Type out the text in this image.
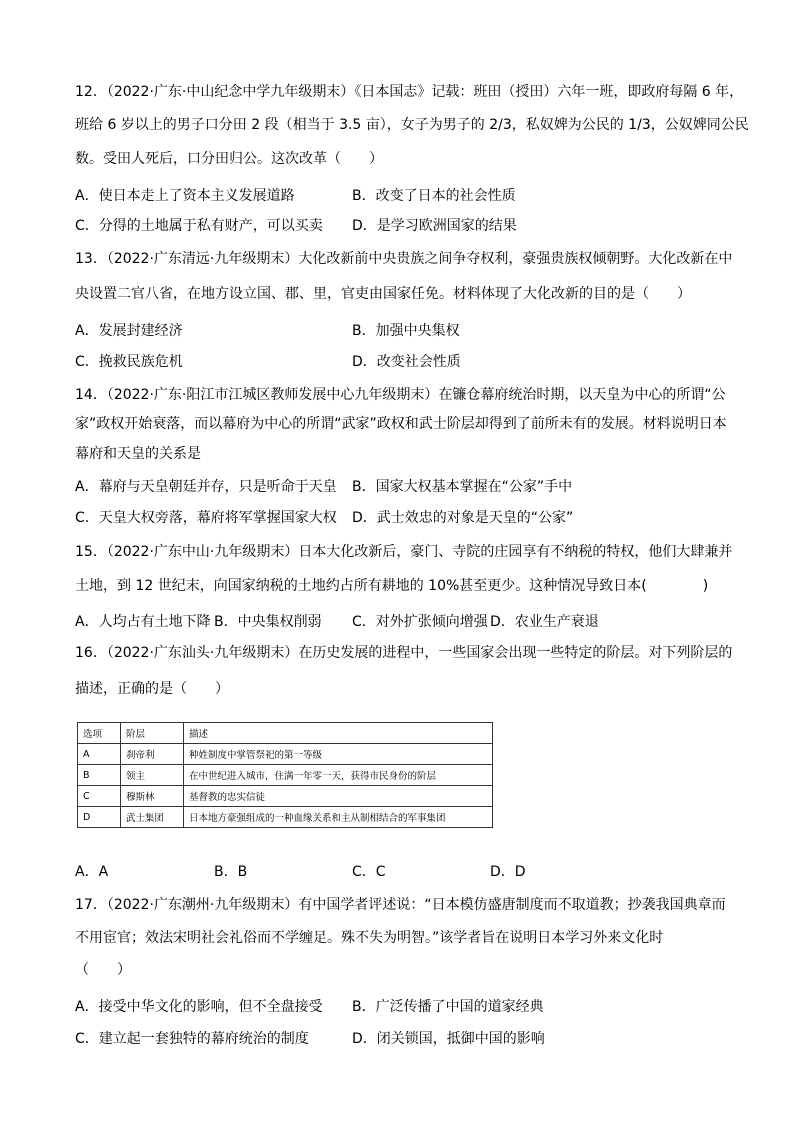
12．（2022·广东·中山纪念中学九年级期末）《日本国志》记载：班田（授田）六年一班，即政府每隔 6 年，
班给 6 岁以上的男子口分田 2 段（相当于 3.5 亩），女子为男子的 2/3，私奴婢为公民的 1/3，公奴婢同公民
数。受田人死后，口分田归公。这次改革（　　）
A．使日本走上了资本主义发展道路	B．改变了日本的社会性质
C．分得的土地属于私有财产，可以买卖 D．是学习欧洲国家的结果
13．（2022·广东清远·九年级期末）大化改新前中央贵族之间争夺权利，豪强贵族权倾朝野。大化改新在中
央设置二官八省，在地方设立国、郡、里，官吏由国家任免。材料体现了大化改新的目的是（　　）
A．发展封建经济	B．加强中央集权
C．挽救民族危机	D．改变社会性质
14．（2022·广东·阳江市江城区教师发展中心九年级期末）在镰仓幕府统治时期，以天皇为中心的所谓“公
家”政权开始衰落，而以幕府为中心的所谓“武家”政权和武士阶层却得到了前所未有的发展。材料说明日本
幕府和天皇的关系是
A．幕府与天皇朝廷并存，只是听命于天皇 B．国家大权基本掌握在“公家”手中
C．天皇大权旁落，幕府将军掌握国家大权 D．武士效忠的对象是天皇的“公家”
15．（2022·广东中山·九年级期末）日本大化改新后，豪门、寺院的庄园享有不纳税的特权，他们大肆兼并
土地，到 12 世纪末，向国家纳税的土地约占所有耕地的 10%甚至更少。这种情况导致日本(　　　　)
A．人均占有土地下降 B．中央集权削弱 C．对外扩张倾向增强 D．农业生产衰退
16．（2022·广东汕头·九年级期末）在历史发展的进程中，一些国家会出现一些特定的阶层。对下列阶层的
描述，正确的是（　　）
选项	阶层	描述
A	刹帝利	种姓制度中掌管祭祀的第一等级
B	领主	在中世纪进入城市，住满一年零一天，获得市民身份的阶层
C	穆斯林	基督教的忠实信徒
D	武士集团	日本地方豪强组成的一种血缘关系和主从制相结合的军事集团
A．A	B．B	C．C	D．D
17．（2022·广东潮州·九年级期末）有中国学者评述说：“日本模仿盛唐制度而不取道教；抄袭我国典章而
不用宦官；效法宋明社会礼俗而不学缠足。殊不失为明智。”该学者旨在说明日本学习外来文化时
（　　）
A．接受中华文化的影响，但不全盘接受 B．广泛传播了中国的道家经典
C．建立起一套独特的幕府统治的制度	D．闭关锁国，抵御中国的影响
